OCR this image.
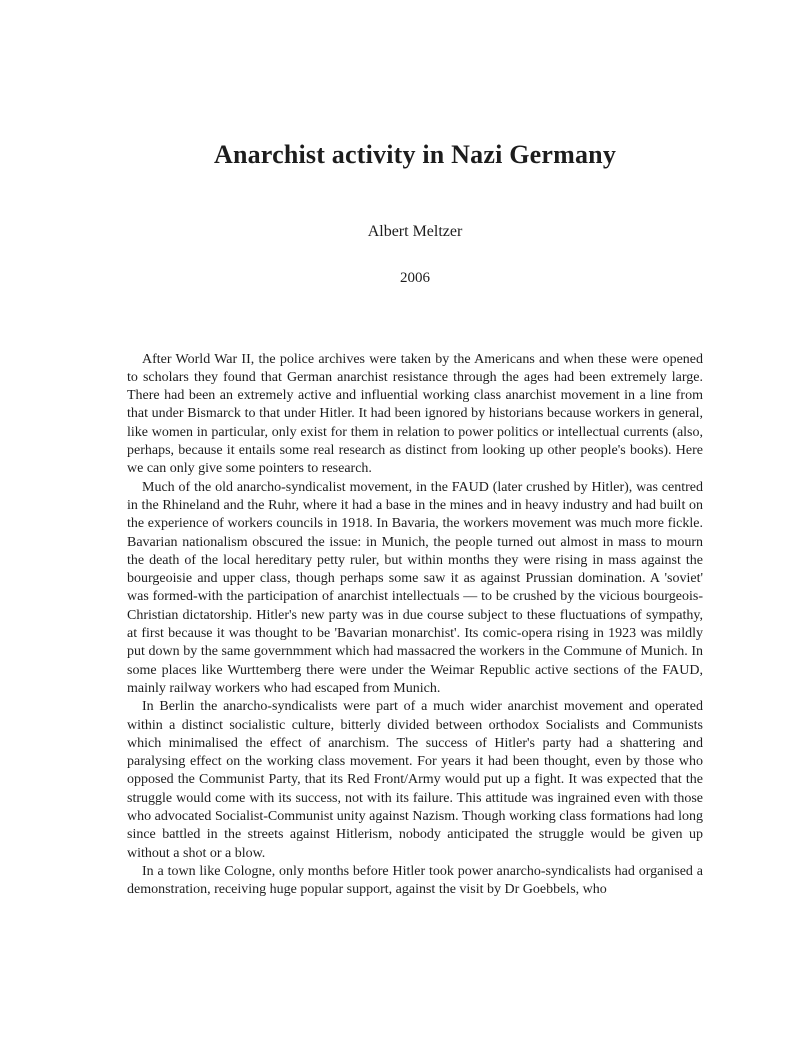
Anarchist activity in Nazi Germany
Albert Meltzer
2006

After World War II, the police archives were taken by the Americans and when these were opened to scholars they found that German anarchist resistance through the ages had been extremely large. There had been an extremely active and influential working class anarchist movement in a line from that under Bismarck to that under Hitler. It had been ignored by historians because workers in general, like women in particular, only exist for them in relation to power politics or intellectual currents (also, perhaps, because it entails some real research as distinct from looking up other people's books). Here we can only give some pointers to research.

Much of the old anarcho-syndicalist movement, in the FAUD (later crushed by Hitler), was centred in the Rhineland and the Ruhr, where it had a base in the mines and in heavy industry and had built on the experience of workers councils in 1918. In Bavaria, the workers movement was much more fickle. Bavarian nationalism obscured the issue: in Munich, the people turned out almost in mass to mourn the death of the local hereditary petty ruler, but within months they were rising in mass against the bourgeoisie and upper class, though perhaps some saw it as against Prussian domination. A 'soviet' was formed-with the participation of anarchist intellectuals — to be crushed by the vicious bourgeois-Christian dictatorship. Hitler's new party was in due course subject to these fluctuations of sympathy, at first because it was thought to be 'Bavarian monarchist'. Its comic-opera rising in 1923 was mildly put down by the same governmment which had massacred the workers in the Commune of Munich. In some places like Wurttemberg there were under the Weimar Republic active sections of the FAUD, mainly railway workers who had escaped from Munich.

In Berlin the anarcho-syndicalists were part of a much wider anarchist movement and operated within a distinct socialistic culture, bitterly divided between orthodox Socialists and Communists which minimalised the effect of anarchism. The success of Hitler's party had a shattering and paralysing effect on the working class movement. For years it had been thought, even by those who opposed the Communist Party, that its Red Front/Army would put up a fight. It was expected that the struggle would come with its success, not with its failure. This attitude was ingrained even with those who advocated Socialist-Communist unity against Nazism. Though working class formations had long since battled in the streets against Hitlerism, nobody anticipated the struggle would be given up without a shot or a blow.

In a town like Cologne, only months before Hitler took power anarcho-syndicalists had organised a demonstration, receiving huge popular support, against the visit by Dr Goebbels, who
